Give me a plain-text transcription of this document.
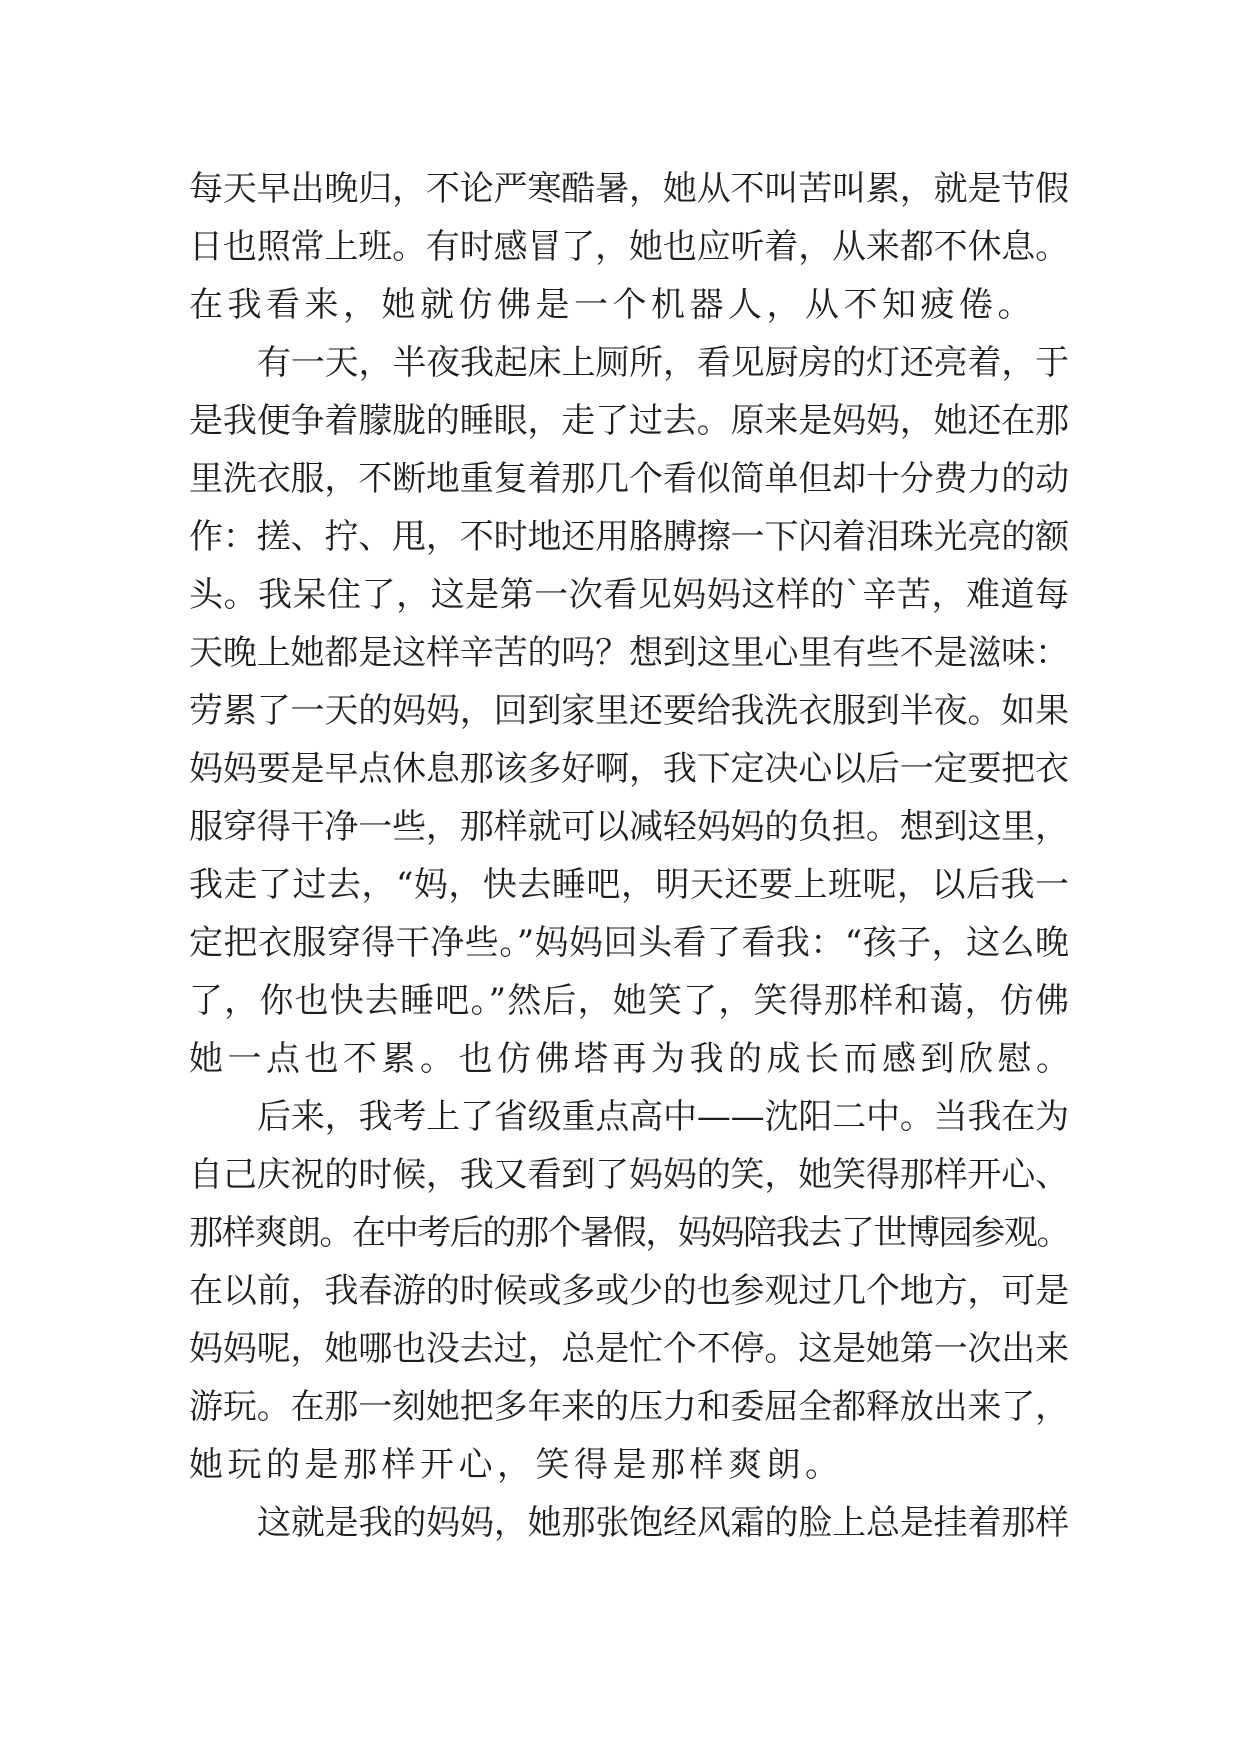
每天早出晚归，不论严寒酷暑，她从不叫苦叫累，就是节假
日也照常上班。有时感冒了，她也应听着，从来都不休息。
在我看来，她就仿佛是一个机器人，从不知疲倦。
有一天，半夜我起床上厕所，看见厨房的灯还亮着，于
是我便争着朦胧的睡眼，走了过去。原来是妈妈，她还在那
里洗衣服，不断地重复着那几个看似简单但却十分费力的动
作：搓、拧、甩，不时地还用胳膊擦一下闪着泪珠光亮的额
头。我呆住了，这是第一次看见妈妈这样的`辛苦，难道每
天晚上她都是这样辛苦的吗？想到这里心里有些不是滋味：
劳累了一天的妈妈，回到家里还要给我洗衣服到半夜。如果
妈妈要是早点休息那该多好啊，我下定决心以后一定要把衣
服穿得干净一些，那样就可以减轻妈妈的负担。想到这里，
我走了过去，“妈，快去睡吧，明天还要上班呢，以后我一
定把衣服穿得干净些。”妈妈回头看了看我：“孩子，这么晚
了，你也快去睡吧。”然后，她笑了，笑得那样和蔼，仿佛
她一点也不累。也仿佛塔再为我的成长而感到欣慰。
后来，我考上了省级重点高中——沈阳二中。当我在为
自己庆祝的时候，我又看到了妈妈的笑，她笑得那样开心、
那样爽朗。在中考后的那个暑假，妈妈陪我去了世博园参观。
在以前，我春游的时候或多或少的也参观过几个地方，可是
妈妈呢，她哪也没去过，总是忙个不停。这是她第一次出来
游玩。在那一刻她把多年来的压力和委屈全都释放出来了，
她玩的是那样开心，笑得是那样爽朗。
这就是我的妈妈，她那张饱经风霜的脸上总是挂着那样
